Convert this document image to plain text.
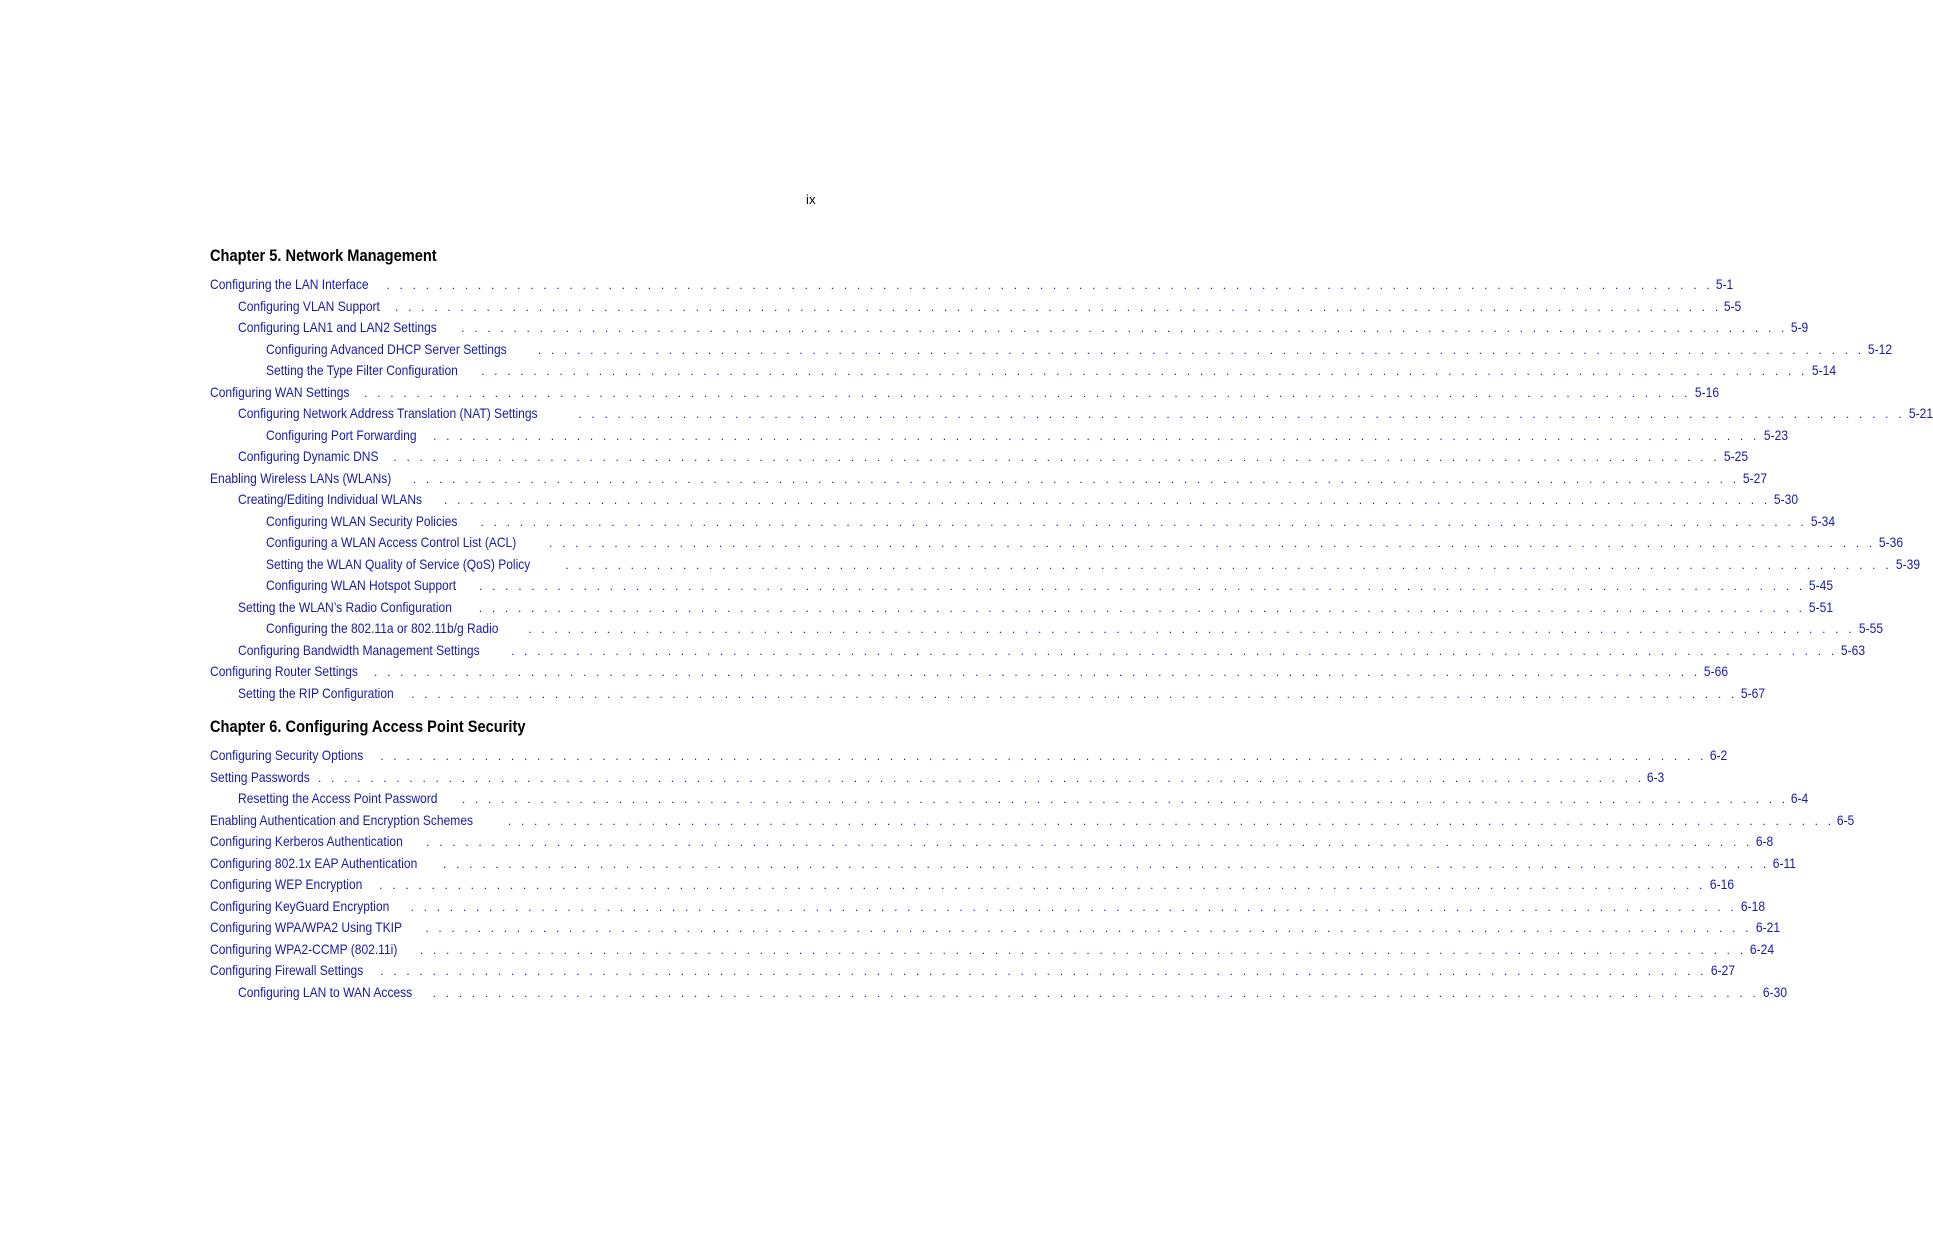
ix
Chapter 5. Network Management
Configuring the LAN Interface . . . . . . . . . . . . . . . . . . . . . . . . . . . . . . . . . . . . . . . . . . . . . . . . . . . . . . . . . . . . . . . . . . . . . . . . . . . . . . . . . . . . . . . . . . . . . . . . . . . . . . 5-1
Configuring VLAN Support . . . . . . . . . . . . . . . . . . . . . . . . . . . . . . . . . . . . . . . . . . . . . . . . . . . . . . . . . . . . . . . . . . . . . . . . . . . . . . . . . . . . . . . . . . . . . . . . . . . . . . 5-5
Configuring LAN1 and LAN2 Settings . . . . . . . . . . . . . . . . . . . . . . . . . . . . . . . . . . . . . . . . . . . . . . . . . . . . . . . . . . . . . . . . . . . . . . . . . . . . . . . . . . . . . . . . . . . . . . . . . . . . . . 5-9
Configuring Advanced DHCP Server Settings	. . . . . . . . . . . . . . . . . . . . . . . . . . . . . . . . . . . . . . . . . . . . . . . . . . . . . . . . . . . . . . . . . . . . . . . . . . . . . . . . . . . . . . . . . . . . . . . . . . . . . . 5-12
Setting the Type Filter Configuration . . . . . . . . . . . . . . . . . . . . . . . . . . . . . . . . . . . . . . . . . . . . . . . . . . . . . . . . . . . . . . . . . . . . . . . . . . . . . . . . . . . . . . . . . . . . . . . . . . . . . . 5-14
Configuring WAN Settings . . . . . . . . . . . . . . . . . . . . . . . . . . . . . . . . . . . . . . . . . . . . . . . . . . . . . . . . . . . . . . . . . . . . . . . . . . . . . . . . . . . . . . . . . . . . . . . . . . . . . . 5-16
Configuring Network Address Translation (NAT) Settings	. . . . . . . . . . . . . . . . . . . . . . . . . . . . . . . . . . . . . . . . . . . . . . . . . . . . . . . . . . . . . . . . . . . . . . . . . . . . . . . . . . . . . . . . . . . . . . . . . . . . . . 5-21
Configuring Port Forwarding . . . . . . . . . . . . . . . . . . . . . . . . . . . . . . . . . . . . . . . . . . . . . . . . . . . . . . . . . . . . . . . . . . . . . . . . . . . . . . . . . . . . . . . . . . . . . . . . . . . . . . 5-23
Configuring Dynamic DNS . . . . . . . . . . . . . . . . . . . . . . . . . . . . . . . . . . . . . . . . . . . . . . . . . . . . . . . . . . . . . . . . . . . . . . . . . . . . . . . . . . . . . . . . . . . . . . . . . . . . . . 5-25
Enabling Wireless LANs (WLANs) . . . . . . . . . . . . . . . . . . . . . . . . . . . . . . . . . . . . . . . . . . . . . . . . . . . . . . . . . . . . . . . . . . . . . . . . . . . . . . . . . . . . . . . . . . . . . . . . . . . . . . 5-27
Creating/Editing Individual WLANs . . . . . . . . . . . . . . . . . . . . . . . . . . . . . . . . . . . . . . . . . . . . . . . . . . . . . . . . . . . . . . . . . . . . . . . . . . . . . . . . . . . . . . . . . . . . . . . . . . . . . . 5-30
Configuring WLAN Security Policies . . . . . . . . . . . . . . . . . . . . . . . . . . . . . . . . . . . . . . . . . . . . . . . . . . . . . . . . . . . . . . . . . . . . . . . . . . . . . . . . . . . . . . . . . . . . . . . . . . . . . . 5-34
Configuring a WLAN Access Control List (ACL)	. . . . . . . . . . . . . . . . . . . . . . . . . . . . . . . . . . . . . . . . . . . . . . . . . . . . . . . . . . . . . . . . . . . . . . . . . . . . . . . . . . . . . . . . . . . . . . . . . . . . . . 5-36
Setting the WLAN Quality of Service (QoS) Policy	. . . . . . . . . . . . . . . . . . . . . . . . . . . . . . . . . . . . . . . . . . . . . . . . . . . . . . . . . . . . . . . . . . . . . . . . . . . . . . . . . . . . . . . . . . . . . . . . . . . . . . 5-39
Configuring WLAN Hotspot Support . . . . . . . . . . . . . . . . . . . . . . . . . . . . . . . . . . . . . . . . . . . . . . . . . . . . . . . . . . . . . . . . . . . . . . . . . . . . . . . . . . . . . . . . . . . . . . . . . . . . . . 5-45
Setting the WLAN’s Radio Configuration . . . . . . . . . . . . . . . . . . . . . . . . . . . . . . . . . . . . . . . . . . . . . . . . . . . . . . . . . . . . . . . . . . . . . . . . . . . . . . . . . . . . . . . . . . . . . . . . . . . . . . 5-51
Configuring the 802.11a or 802.11b/g Radio . . . . . . . . . . . . . . . . . . . . . . . . . . . . . . . . . . . . . . . . . . . . . . . . . . . . . . . . . . . . . . . . . . . . . . . . . . . . . . . . . . . . . . . . . . . . . . . . . . . . . . 5-55
Configuring Bandwidth Management Settings	. . . . . . . . . . . . . . . . . . . . . . . . . . . . . . . . . . . . . . . . . . . . . . . . . . . . . . . . . . . . . . . . . . . . . . . . . . . . . . . . . . . . . . . . . . . . . . . . . . . . . . 5-63
Configuring Router Settings . . . . . . . . . . . . . . . . . . . . . . . . . . . . . . . . . . . . . . . . . . . . . . . . . . . . . . . . . . . . . . . . . . . . . . . . . . . . . . . . . . . . . . . . . . . . . . . . . . . . . . 5-66
Setting the RIP Configuration . . . . . . . . . . . . . . . . . . . . . . . . . . . . . . . . . . . . . . . . . . . . . . . . . . . . . . . . . . . . . . . . . . . . . . . . . . . . . . . . . . . . . . . . . . . . . . . . . . . . . . 5-67
Chapter 6. Configuring Access Point Security
Configuring Security Options . . . . . . . . . . . . . . . . . . . . . . . . . . . . . . . . . . . . . . . . . . . . . . . . . . . . . . . . . . . . . . . . . . . . . . . . . . . . . . . . . . . . . . . . . . . . . . . . . . . . . . 6-2
Setting Passwords . . . . . . . . . . . . . . . . . . . . . . . . . . . . . . . . . . . . . . . . . . . . . . . . . . . . . . . . . . . . . . . . . . . . . . . . . . . . . . . . . . . . . . . . . . . . . . . . . . . . . . 6-3
Resetting the Access Point Password . . . . . . . . . . . . . . . . . . . . . . . . . . . . . . . . . . . . . . . . . . . . . . . . . . . . . . . . . . . . . . . . . . . . . . . . . . . . . . . . . . . . . . . . . . . . . . . . . . . . . . 6-4
Enabling Authentication and Encryption Schemes	. . . . . . . . . . . . . . . . . . . . . . . . . . . . . . . . . . . . . . . . . . . . . . . . . . . . . . . . . . . . . . . . . . . . . . . . . . . . . . . . . . . . . . . . . . . . . . . . . . . . . . 6-5
Configuring Kerberos Authentication . . . . . . . . . . . . . . . . . . . . . . . . . . . . . . . . . . . . . . . . . . . . . . . . . . . . . . . . . . . . . . . . . . . . . . . . . . . . . . . . . . . . . . . . . . . . . . . . . . . . . . 6-8
Configuring 802.1x EAP Authentication . . . . . . . . . . . . . . . . . . . . . . . . . . . . . . . . . . . . . . . . . . . . . . . . . . . . . . . . . . . . . . . . . . . . . . . . . . . . . . . . . . . . . . . . . . . . . . . . . . . . . . 6-11
Configuring WEP Encryption . . . . . . . . . . . . . . . . . . . . . . . . . . . . . . . . . . . . . . . . . . . . . . . . . . . . . . . . . . . . . . . . . . . . . . . . . . . . . . . . . . . . . . . . . . . . . . . . . . . . . . 6-16
Configuring KeyGuard Encryption . . . . . . . . . . . . . . . . . . . . . . . . . . . . . . . . . . . . . . . . . . . . . . . . . . . . . . . . . . . . . . . . . . . . . . . . . . . . . . . . . . . . . . . . . . . . . . . . . . . . . . 6-18
Configuring WPA/WPA2 Using TKIP . . . . . . . . . . . . . . . . . . . . . . . . . . . . . . . . . . . . . . . . . . . . . . . . . . . . . . . . . . . . . . . . . . . . . . . . . . . . . . . . . . . . . . . . . . . . . . . . . . . . . . 6-21
Configuring WPA2-CCMP (802.11i) . . . . . . . . . . . . . . . . . . . . . . . . . . . . . . . . . . . . . . . . . . . . . . . . . . . . . . . . . . . . . . . . . . . . . . . . . . . . . . . . . . . . . . . . . . . . . . . . . . . . . . 6-24
Configuring Firewall Settings . . . . . . . . . . . . . . . . . . . . . . . . . . . . . . . . . . . . . . . . . . . . . . . . . . . . . . . . . . . . . . . . . . . . . . . . . . . . . . . . . . . . . . . . . . . . . . . . . . . . . . 6-27
Configuring LAN to WAN Access . . . . . . . . . . . . . . . . . . . . . . . . . . . . . . . . . . . . . . . . . . . . . . . . . . . . . . . . . . . . . . . . . . . . . . . . . . . . . . . . . . . . . . . . . . . . . . . . . . . . . . 6-30
